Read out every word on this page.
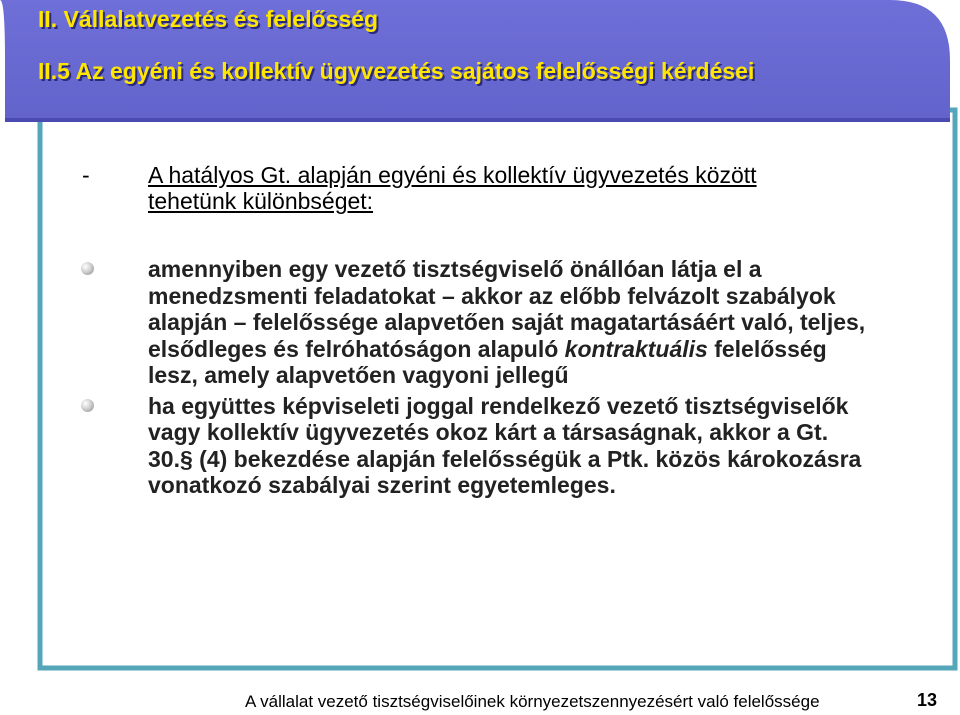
II. Vállalatvezetés és felelősség
II.5 Az egyéni és kollektív ügyvezetés sajátos felelősségi kérdései
-	A hatályos Gt. alapján egyéni és kollektív ügyvezetés között
tehetünk különbséget:
amennyiben egy vezető tisztségviselő önállóan látja el a menedzsmenti feladatokat – akkor az előbb felvázolt szabályok alapján – felelőssége alapvetően saját magatartásáért való, teljes, elsődleges és felróhatóságon alapuló kontraktuális felelősség lesz, amely alapvetően vagyoni jellegű
ha együttes képviseleti joggal rendelkező vezető tisztségviselők vagy kollektív ügyvezetés okoz kárt a társaságnak, akkor a Gt. 30.§ (4) bekezdése alapján felelősségük a Ptk. közös károkozásra vonatkozó szabályai szerint egyetemleges.
A vállalat vezető tisztségviselőinek környezetszennyezésért való felelőssége	13
